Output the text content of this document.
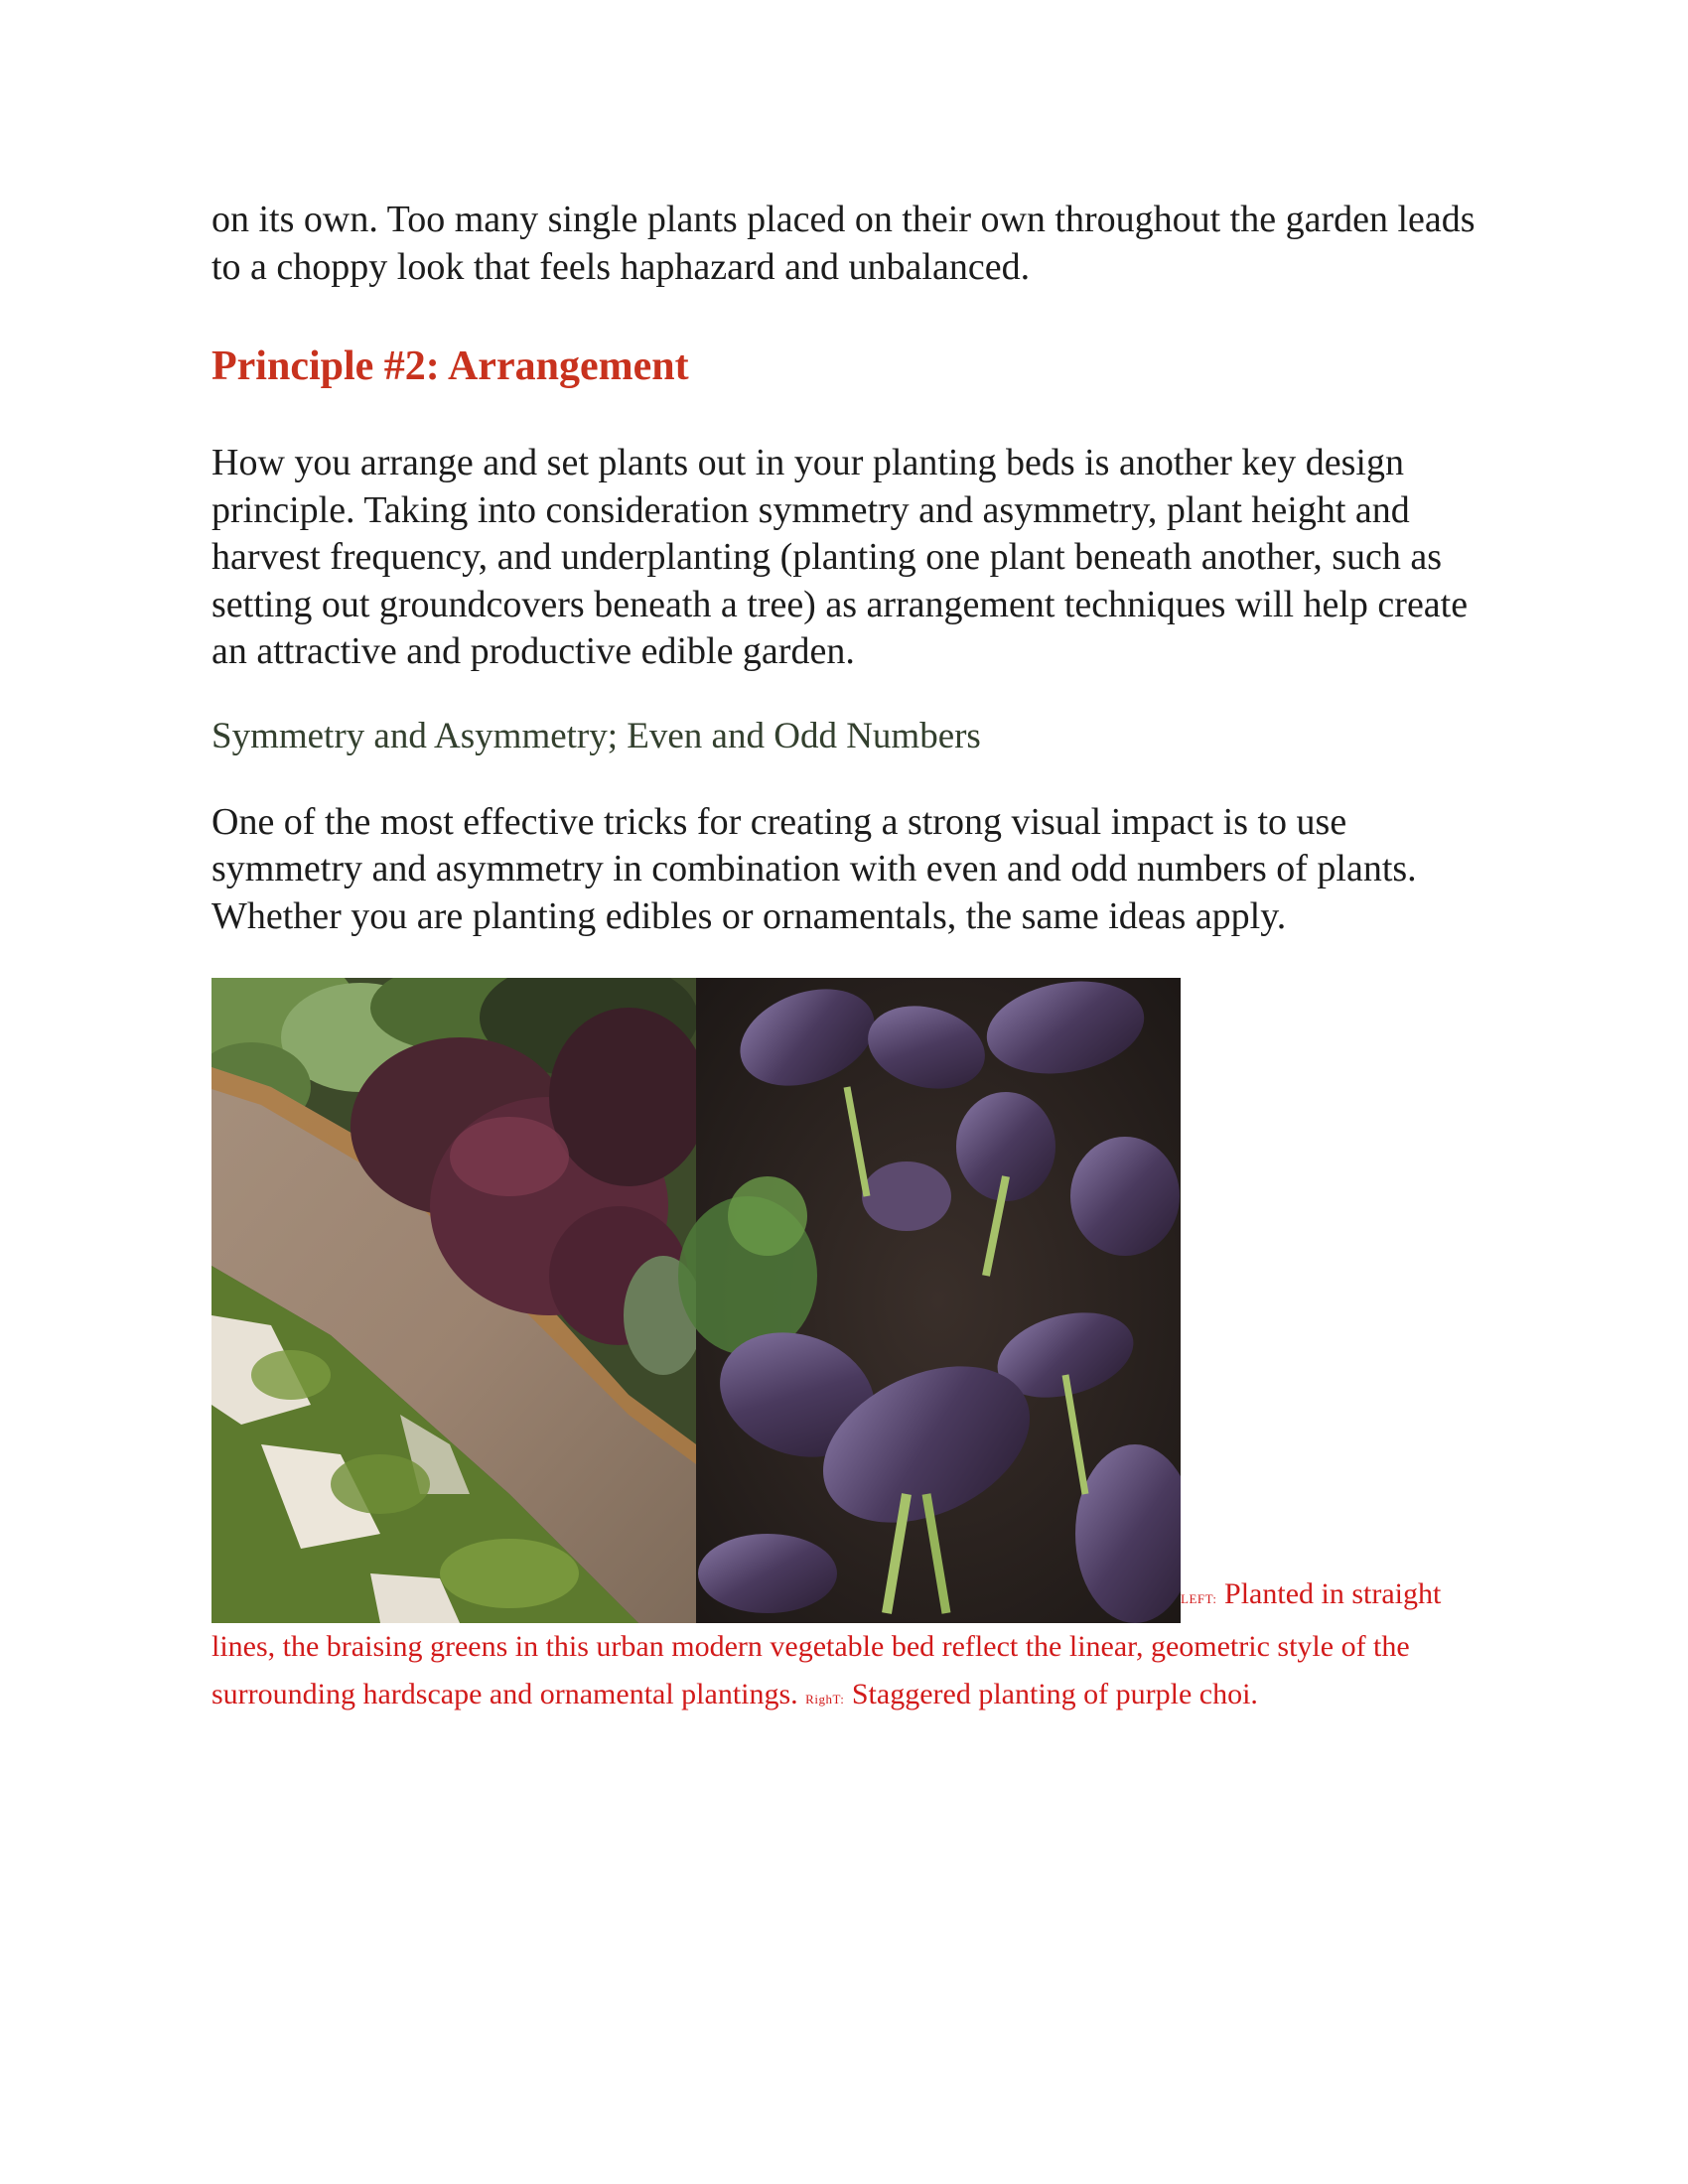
on its own. Too many single plants placed on their own throughout the garden leads to a choppy look that feels haphazard and unbalanced.

Principle #2: Arrangement

How you arrange and set plants out in your planting beds is another key design principle. Taking into consideration symmetry and asymmetry, plant height and harvest frequency, and underplanting (planting one plant beneath another, such as setting out groundcovers beneath a tree) as arrangement techniques will help create an attractive and productive edible garden.

Symmetry and Asymmetry; Even and Odd Numbers

One of the most effective tricks for creating a strong visual impact is to use symmetry and asymmetry in combination with even and odd numbers of plants. Whether you are planting edibles or ornamentals, the same ideas apply.

LEFT: Planted in straight lines, the braising greens in this urban modern vegetable bed reflect the linear, geometric style of the surrounding hardscape and ornamental plantings. RighT: Staggered planting of purple choi.
